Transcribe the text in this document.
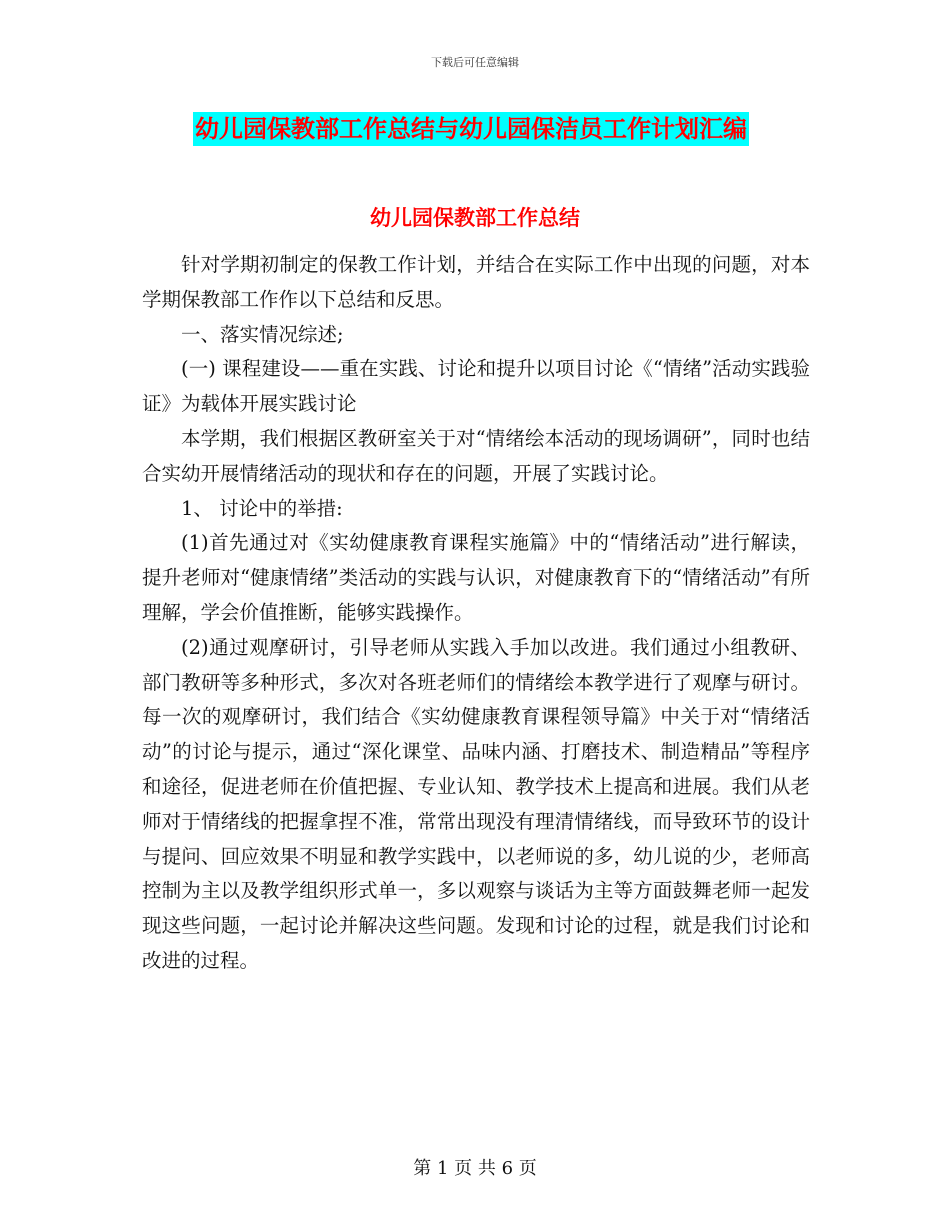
下载后可任意编辑
幼儿园保教部工作总结与幼儿园保洁员工作计划汇编
幼儿园保教部工作总结

针对学期初制定的保教工作计划，并结合在实际工作中出现的问题，对本学期保教部工作作以下总结和反思。

一、落实情况综述;

(一) 课程建设——重在实践、讨论和提升以项目讨论《“情绪”活动实践验证》为载体开展实践讨论

本学期，我们根据区教研室关于对“情绪绘本活动的现场调研”，同时也结合实幼开展情绪活动的现状和存在的问题，开展了实践讨论。

1、 讨论中的举措:

(1)首先通过对《实幼健康教育课程实施篇》中的“情绪活动”进行解读，提升老师对“健康情绪”类活动的实践与认识，对健康教育下的“情绪活动”有所理解，学会价值推断，能够实践操作。

(2)通过观摩研讨，引导老师从实践入手加以改进。我们通过小组教研、部门教研等多种形式，多次对各班老师们的情绪绘本教学进行了观摩与研讨。每一次的观摩研讨，我们结合《实幼健康教育课程领导篇》中关于对“情绪活动”的讨论与提示，通过“深化课堂、品味内涵、打磨技术、制造精品”等程序和途径，促进老师在价值把握、专业认知、教学技术上提高和进展。我们从老师对于情绪线的把握拿捏不准，常常出现没有理清情绪线，而导致环节的设计与提问、回应效果不明显和教学实践中，以老师说的多，幼儿说的少，老师高控制为主以及教学组织形式单一，多以观察与谈话为主等方面鼓舞老师一起发现这些问题，一起讨论并解决这些问题。发现和讨论的过程，就是我们讨论和改进的过程。

第 1 页 共 6 页
